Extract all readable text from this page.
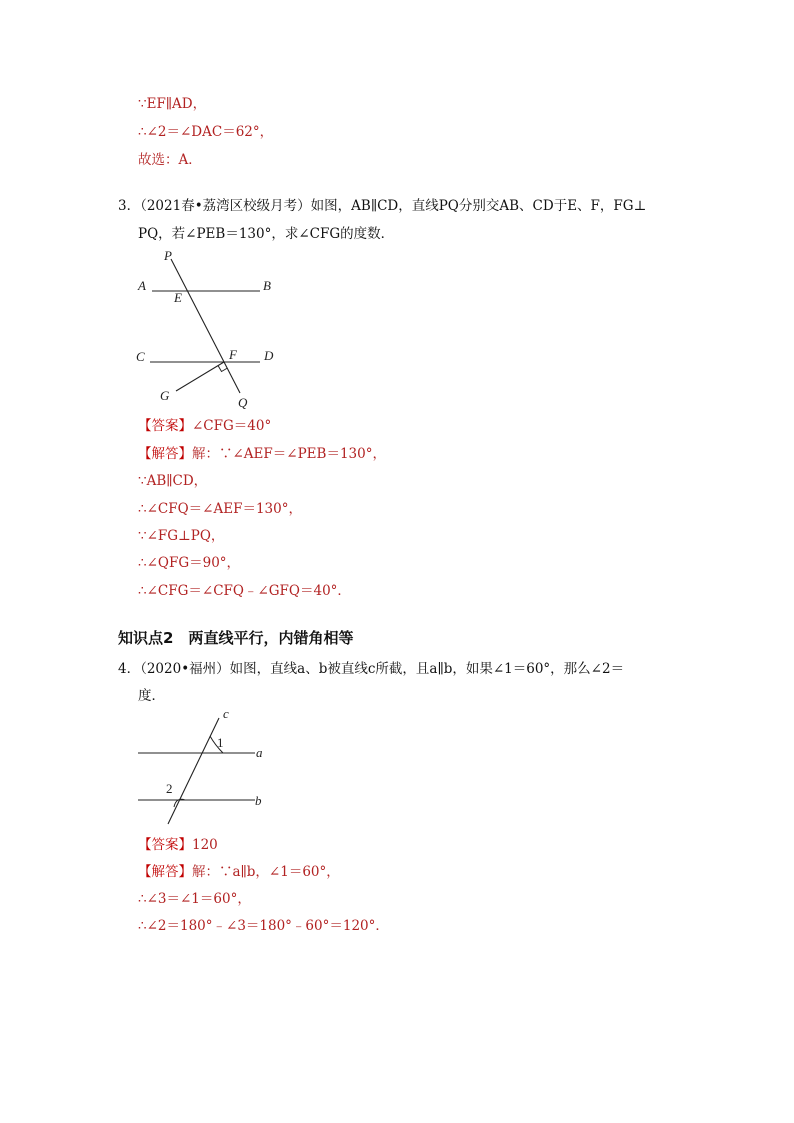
∵EF∥AD，
∴∠2＝∠DAC＝62°，
故选：A．
3．（2021春•荔湾区校级月考）如图，AB∥CD，直线PQ分别交AB、CD于E、F，FG⊥
PQ，若∠PEB＝130°，求∠CFG的度数．
P
A
E
B
C	F D
G	Q
【答案】∠CFG＝40°
【解答】解：∵∠AEF＝∠PEB＝130°，
∵AB∥CD，
∴∠CFQ＝∠AEF＝130°，
∵∠FG⊥PQ，
∴∠QFG＝90°，
∴∠CFG＝∠CFQ﹣∠GFQ＝40°．
知识点2　两直线平行，内错角相等
4．（2020•福州）如图，直线a、b被直线c所截，且a∥b，如果∠1＝60°，那么∠2＝
度．
c
1
a
2
b
【答案】120
【解答】解：∵a∥b，∠1＝60°，
∴∠3＝∠1＝60°，
∴∠2＝180°﹣∠3＝180°﹣60°＝120°．
